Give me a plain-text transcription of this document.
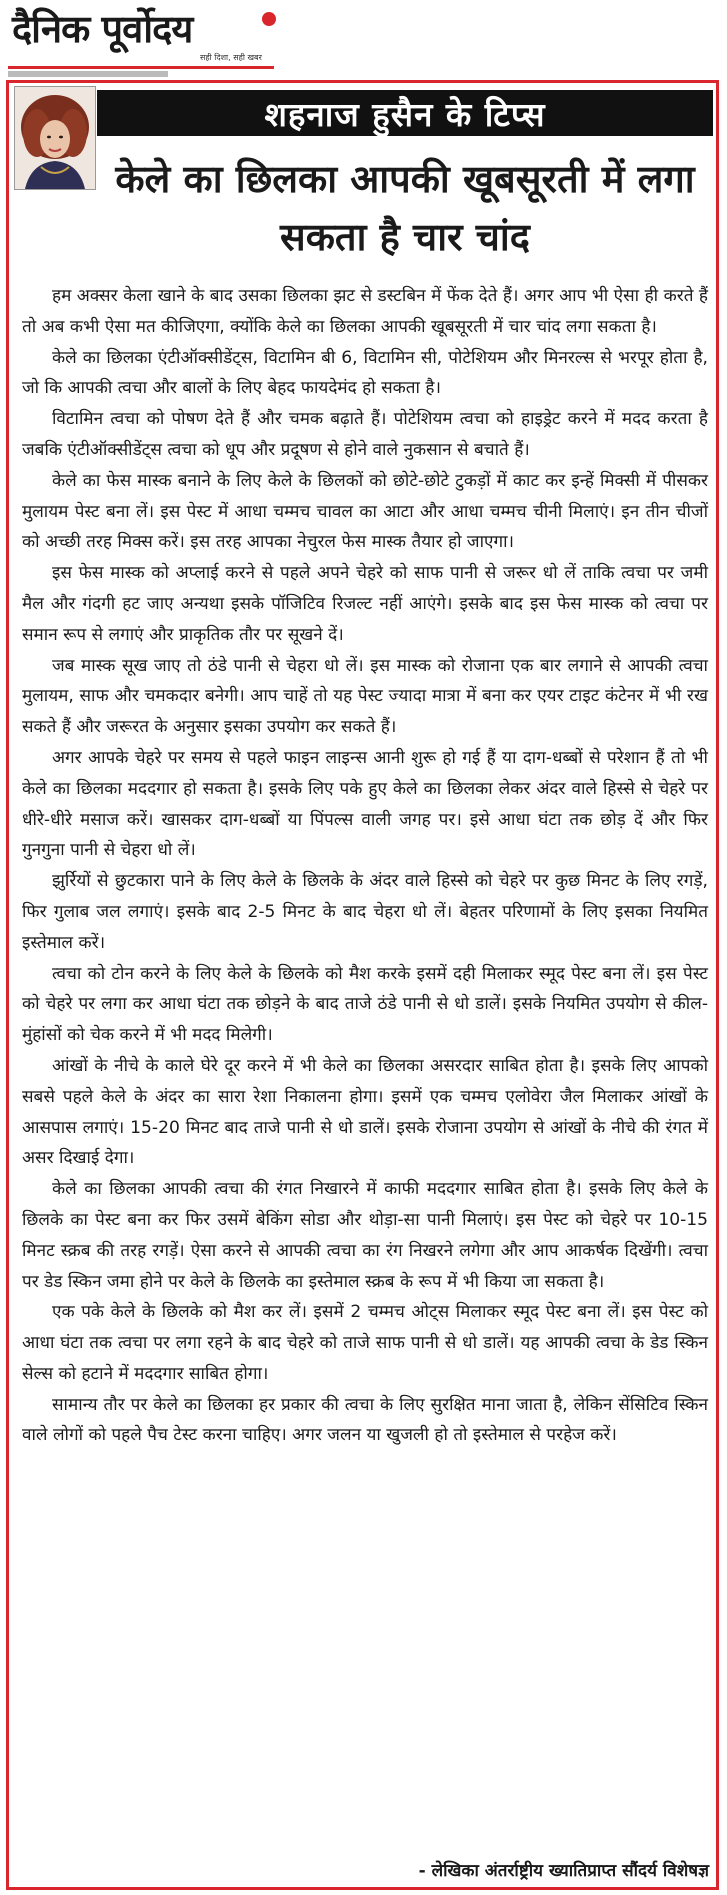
दैनिक पूर्वोदय
सही दिशा, सही खबर
शहनाज हुसैन के टिप्स
केले का छिलका आपकी खूबसूरती में लगा सकता है चार चांद

हम अक्सर केला खाने के बाद उसका छिलका झट से डस्टबिन में फेंक देते हैं। अगर आप भी ऐसा ही करते हैं तो अब कभी ऐसा मत कीजिएगा, क्योंकि केले का छिलका आपकी खूबसूरती में चार चांद लगा सकता है।

केले का छिलका एंटीऑक्सीडेंट्स, विटामिन बी 6, विटामिन सी, पोटेशियम और मिनरल्स से भरपूर होता है, जो कि आपकी त्वचा और बालों के लिए बेहद फायदेमंद हो सकता है।

विटामिन त्वचा को पोषण देते हैं और चमक बढ़ाते हैं। पोटेशियम त्वचा को हाइड्रेट करने में मदद करता है जबकि एंटीऑक्सीडेंट्स त्वचा को धूप और प्रदूषण से होने वाले नुकसान से बचाते हैं।

केले का फेस मास्क बनाने के लिए केले के छिलकों को छोटे-छोटे टुकड़ों में काट कर इन्हें मिक्सी में पीसकर मुलायम पेस्ट बना लें। इस पेस्ट में आधा चम्मच चावल का आटा और आधा चम्मच चीनी मिलाएं। इन तीन चीजों को अच्छी तरह मिक्स करें। इस तरह आपका नेचुरल फेस मास्क तैयार हो जाएगा।

इस फेस मास्क को अप्लाई करने से पहले अपने चेहरे को साफ पानी से जरूर धो लें ताकि त्वचा पर जमी मैल और गंदगी हट जाए अन्यथा इसके पॉजिटिव रिजल्ट नहीं आएंगे। इसके बाद इस फेस मास्क को त्वचा पर समान रूप से लगाएं और प्राकृतिक तौर पर सूखने दें।

जब मास्क सूख जाए तो ठंडे पानी से चेहरा धो लें। इस मास्क को रोजाना एक बार लगाने से आपकी त्वचा मुलायम, साफ और चमकदार बनेगी। आप चाहें तो यह पेस्ट ज्यादा मात्रा में बना कर एयर टाइट कंटेनर में भी रख सकते हैं और जरूरत के अनुसार इसका उपयोग कर सकते हैं।

अगर आपके चेहरे पर समय से पहले फाइन लाइन्स आनी शुरू हो गई हैं या दाग-धब्बों से परेशान हैं तो भी केले का छिलका मददगार हो सकता है। इसके लिए पके हुए केले का छिलका लेकर अंदर वाले हिस्से से चेहरे पर धीरे-धीरे मसाज करें। खासकर दाग-धब्बों या पिंपल्स वाली जगह पर। इसे आधा घंटा तक छोड़ दें और फिर गुनगुना पानी से चेहरा धो लें।

झुर्रियों से छुटकारा पाने के लिए केले के छिलके के अंदर वाले हिस्से को चेहरे पर कुछ मिनट के लिए रगड़ें, फिर गुलाब जल लगाएं। इसके बाद 2-5 मिनट के बाद चेहरा धो लें। बेहतर परिणामों के लिए इसका नियमित इस्तेमाल करें।

त्वचा को टोन करने के लिए केले के छिलके को मैश करके इसमें दही मिलाकर स्मूद पेस्ट बना लें। इस पेस्ट को चेहरे पर लगा कर आधा घंटा तक छोड़ने के बाद ताजे ठंडे पानी से धो डालें। इसके नियमित उपयोग से कील-मुंहांसों को चेक करने में भी मदद मिलेगी।

आंखों के नीचे के काले घेरे दूर करने में भी केले का छिलका असरदार साबित होता है। इसके लिए आपको सबसे पहले केले के अंदर का सारा रेशा निकालना होगा। इसमें एक चम्मच एलोवेरा जैल मिलाकर आंखों के आसपास लगाएं। 15-20 मिनट बाद ताजे पानी से धो डालें। इसके रोजाना उपयोग से आंखों के नीचे की रंगत में असर दिखाई देगा।

केले का छिलका आपकी त्वचा की रंगत निखारने में काफी मददगार साबित होता है। इसके लिए केले के छिलके का पेस्ट बना कर फिर उसमें बेकिंग सोडा और थोड़ा-सा पानी मिलाएं। इस पेस्ट को चेहरे पर 10-15 मिनट स्क्रब की तरह रगड़ें। ऐसा करने से आपकी त्वचा का रंग निखरने लगेगा और आप आकर्षक दिखेंगी। त्वचा पर डेड स्किन जमा होने पर केले के छिलके का इस्तेमाल स्क्रब के रूप में भी किया जा सकता है।

एक पके केले के छिलके को मैश कर लें। इसमें 2 चम्मच ओट्स मिलाकर स्मूद पेस्ट बना लें। इस पेस्ट को आधा घंटा तक त्वचा पर लगा रहने के बाद चेहरे को ताजे साफ पानी से धो डालें। यह आपकी त्वचा के डेड स्किन सेल्स को हटाने में मददगार साबित होगा।

सामान्य तौर पर केले का छिलका हर प्रकार की त्वचा के लिए सुरक्षित माना जाता है, लेकिन सेंसिटिव स्किन वाले लोगों को पहले पैच टेस्ट करना चाहिए। अगर जलन या खुजली हो तो इस्तेमाल से परहेज करें।

- लेखिका अंतर्राष्ट्रीय ख्यातिप्राप्त सौंदर्य विशेषज्ञ
